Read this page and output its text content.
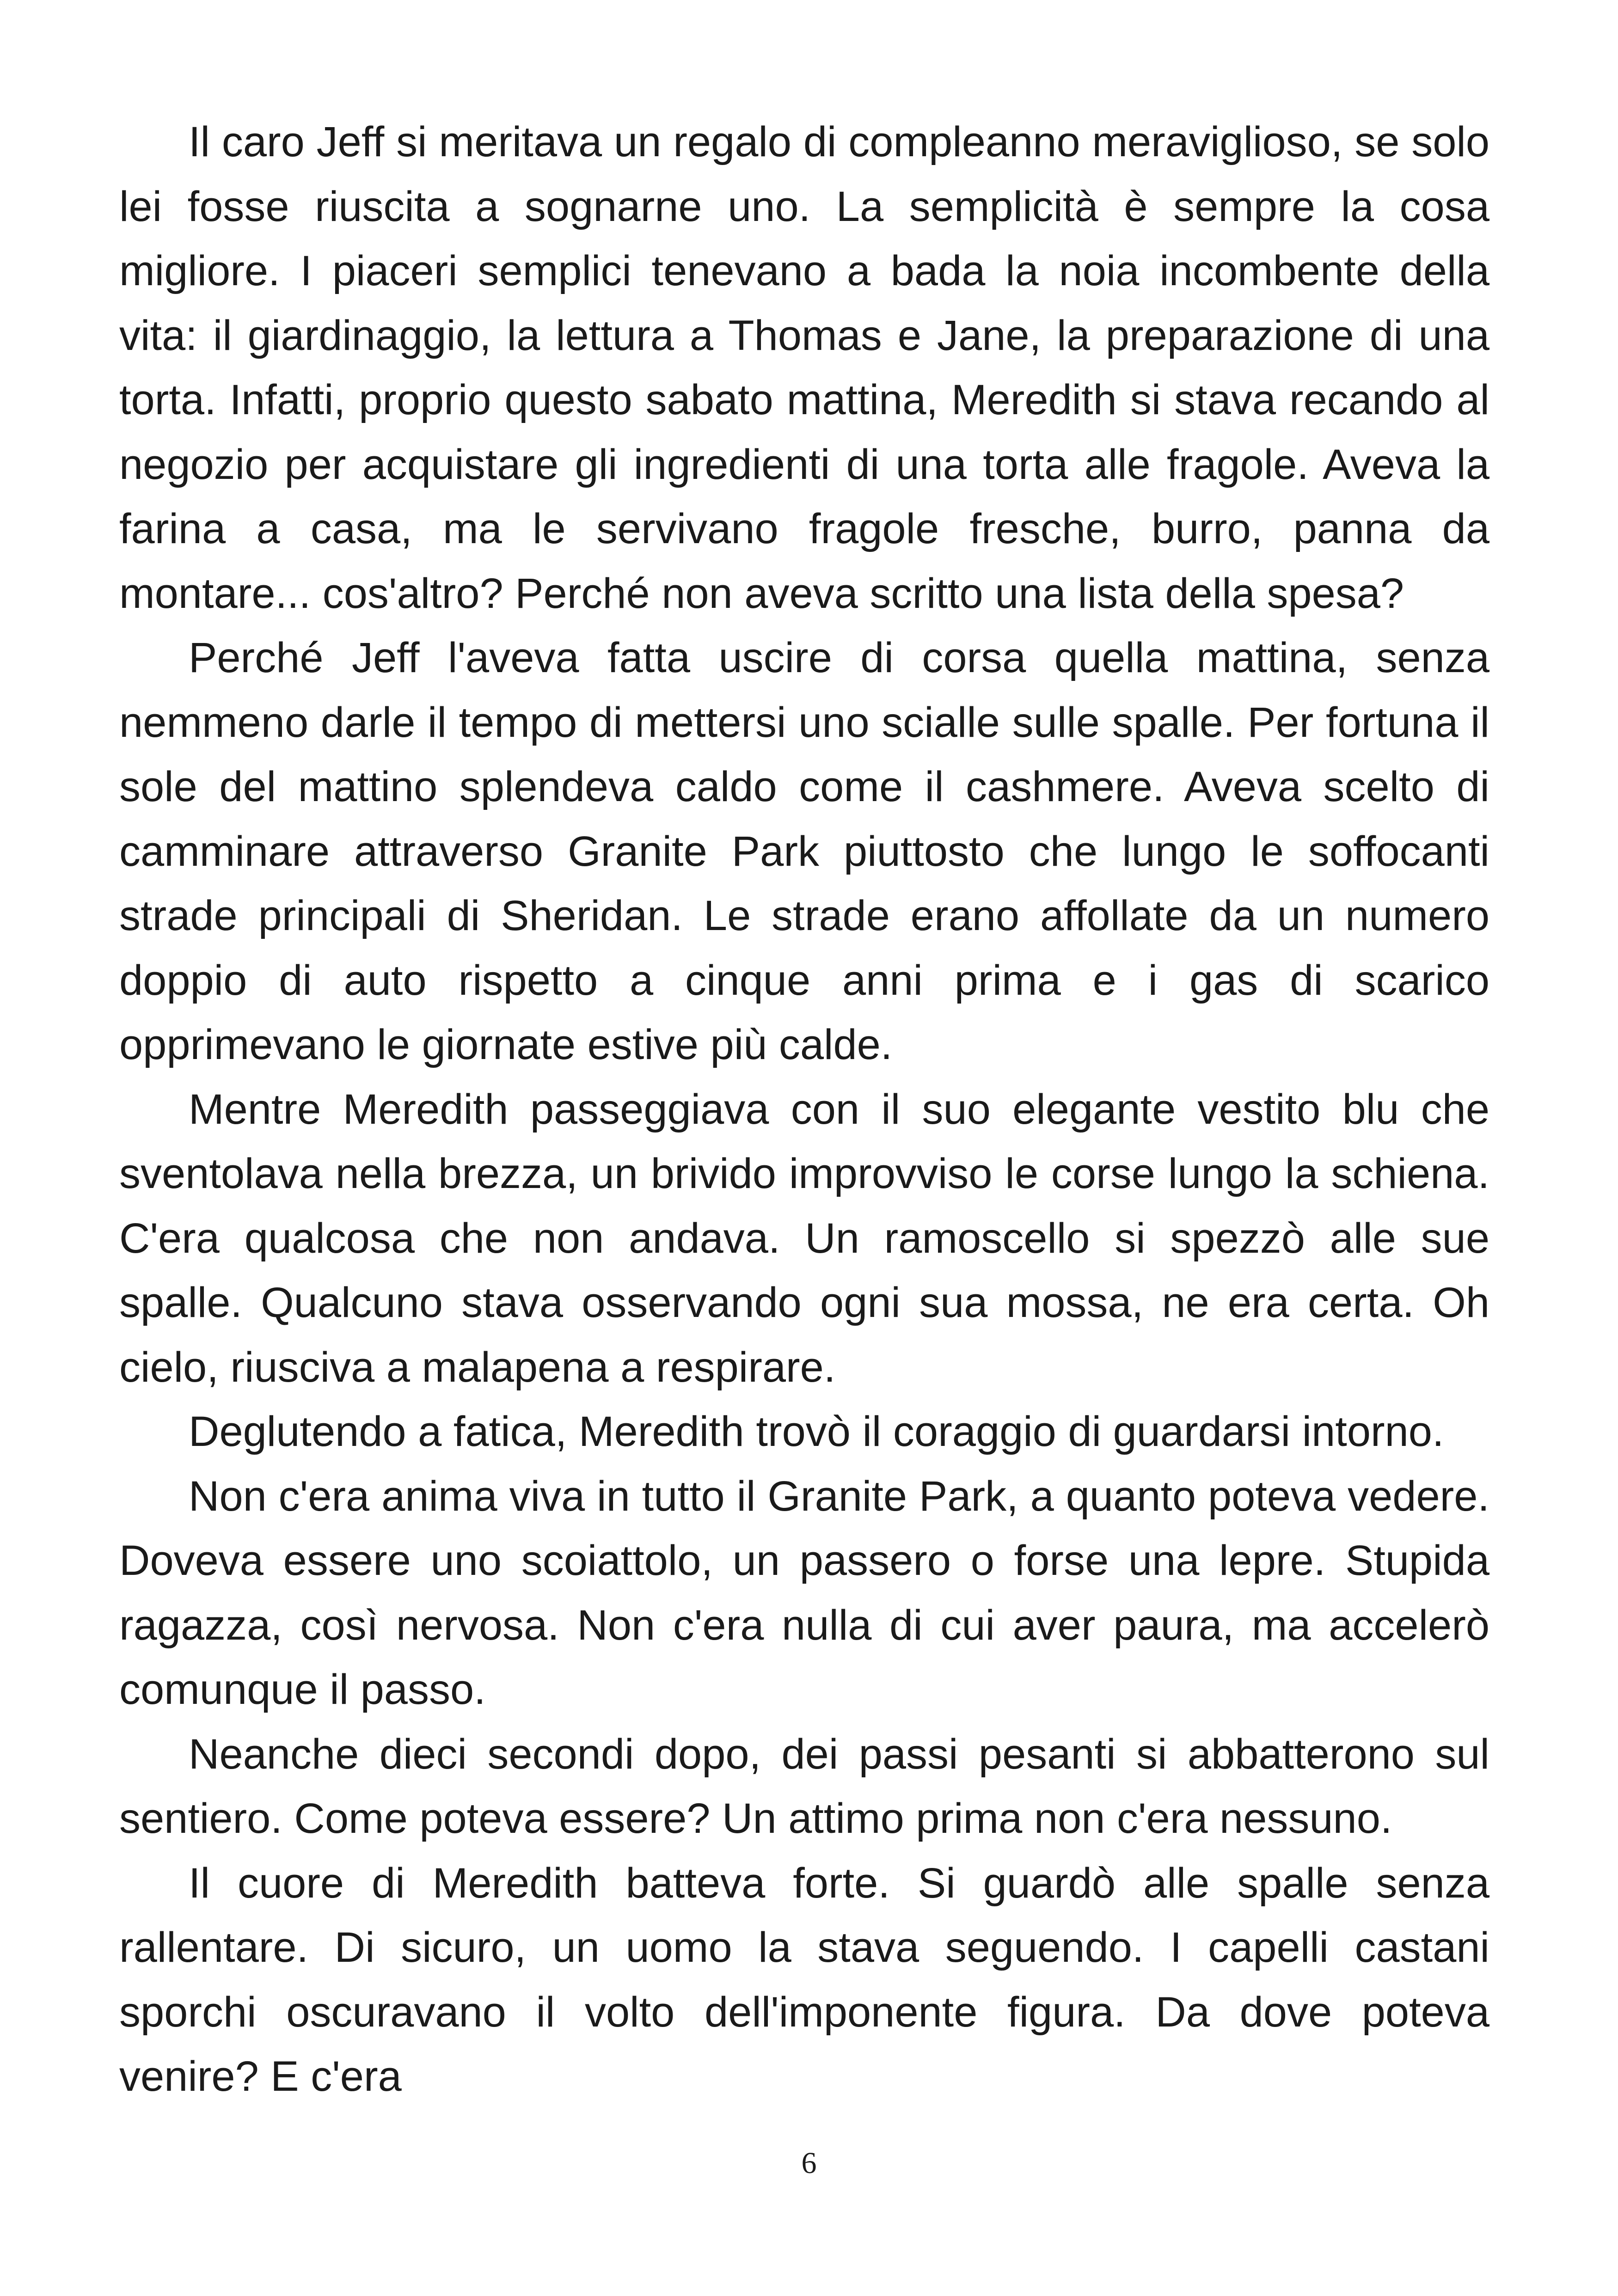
Il caro Jeff si meritava un regalo di compleanno meraviglioso, se solo lei fosse riuscita a sognarne uno. La semplicità è sempre la cosa migliore. I piaceri semplici tenevano a bada la noia incombente della vita: il giardinaggio, la lettura a Thomas e Jane, la preparazione di una torta. Infatti, proprio questo sabato mattina, Meredith si stava recando al negozio per acquistare gli ingredienti di una torta alle fragole. Aveva la farina a casa, ma le servivano fragole fresche, burro, panna da montare... cos'altro? Perché non aveva scritto una lista della spesa?

Perché Jeff l'aveva fatta uscire di corsa quella mattina, senza nemmeno darle il tempo di mettersi uno scialle sulle spalle. Per fortuna il sole del mattino splendeva caldo come il cashmere. Aveva scelto di camminare attraverso Granite Park piuttosto che lungo le soffocanti strade principali di Sheridan. Le strade erano affollate da un numero doppio di auto rispetto a cinque anni prima e i gas di scarico opprimevano le giornate estive più calde.

Mentre Meredith passeggiava con il suo elegante vestito blu che sventolava nella brezza, un brivido improvviso le corse lungo la schiena. C'era qualcosa che non andava. Un ramoscello si spezzò alle sue spalle. Qualcuno stava osservando ogni sua mossa, ne era certa. Oh cielo, riusciva a malapena a respirare.

Deglutendo a fatica, Meredith trovò il coraggio di guardarsi intorno.

Non c'era anima viva in tutto il Granite Park, a quanto poteva vedere. Doveva essere uno scoiattolo, un passero o forse una lepre. Stupida ragazza, così nervosa. Non c'era nulla di cui aver paura, ma accelerò comunque il passo.

Neanche dieci secondi dopo, dei passi pesanti si abbatterono sul sentiero. Come poteva essere? Un attimo prima non c'era nessuno.

Il cuore di Meredith batteva forte. Si guardò alle spalle senza rallentare. Di sicuro, un uomo la stava seguendo. I capelli castani sporchi oscuravano il volto dell'imponente figura. Da dove poteva venire? E c'era

6
